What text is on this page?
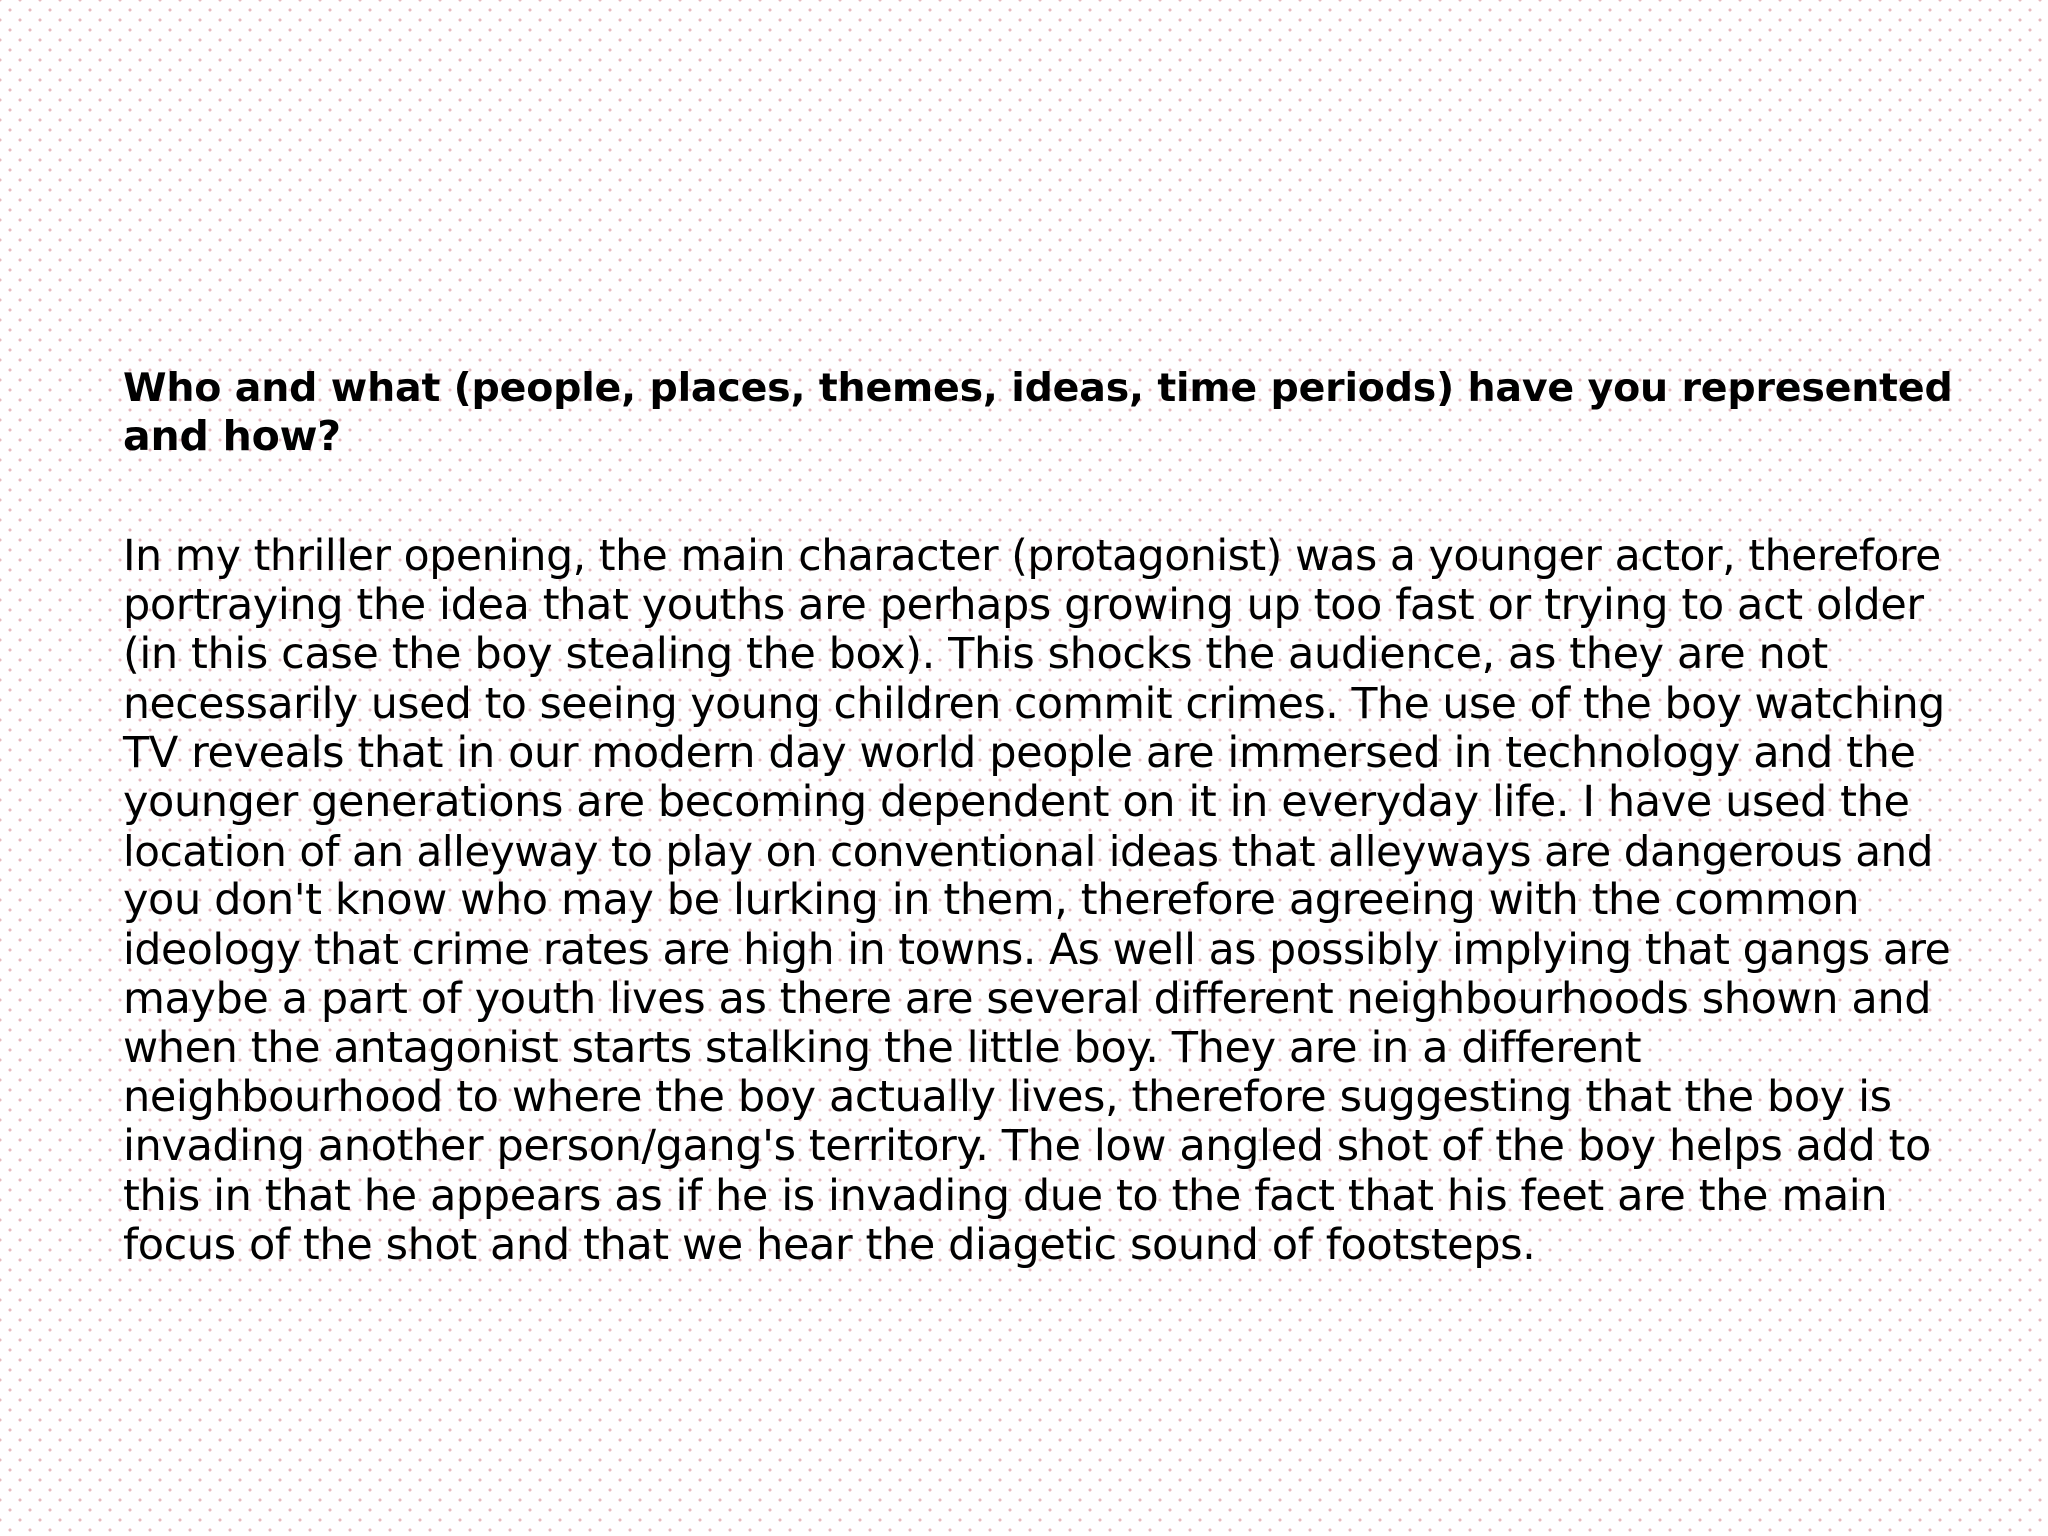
Who and what (people, places, themes, ideas, time periods) have you represented
and how?

In my thriller opening, the main character (protagonist) was a younger actor, therefore
portraying the idea that youths are perhaps growing up too fast or trying to act older
(in this case the boy stealing the box). This shocks the audience, as they are not
necessarily used to seeing young children commit crimes. The use of the boy watching
TV reveals that in our modern day world people are immersed in technology and the
younger generations are becoming dependent on it in everyday life. I have used the
location of an alleyway to play on conventional ideas that alleyways are dangerous and
you don't know who may be lurking in them, therefore agreeing with the common
ideology that crime rates are high in towns. As well as possibly implying that gangs are
maybe a part of youth lives as there are several different neighbourhoods shown and
when the antagonist starts stalking the little boy. They are in a different
neighbourhood to where the boy actually lives, therefore suggesting that the boy is
invading another person/gang's territory. The low angled shot of the boy helps add to
this in that he appears as if he is invading due to the fact that his feet are the main
focus of the shot and that we hear the diagetic sound of footsteps.
